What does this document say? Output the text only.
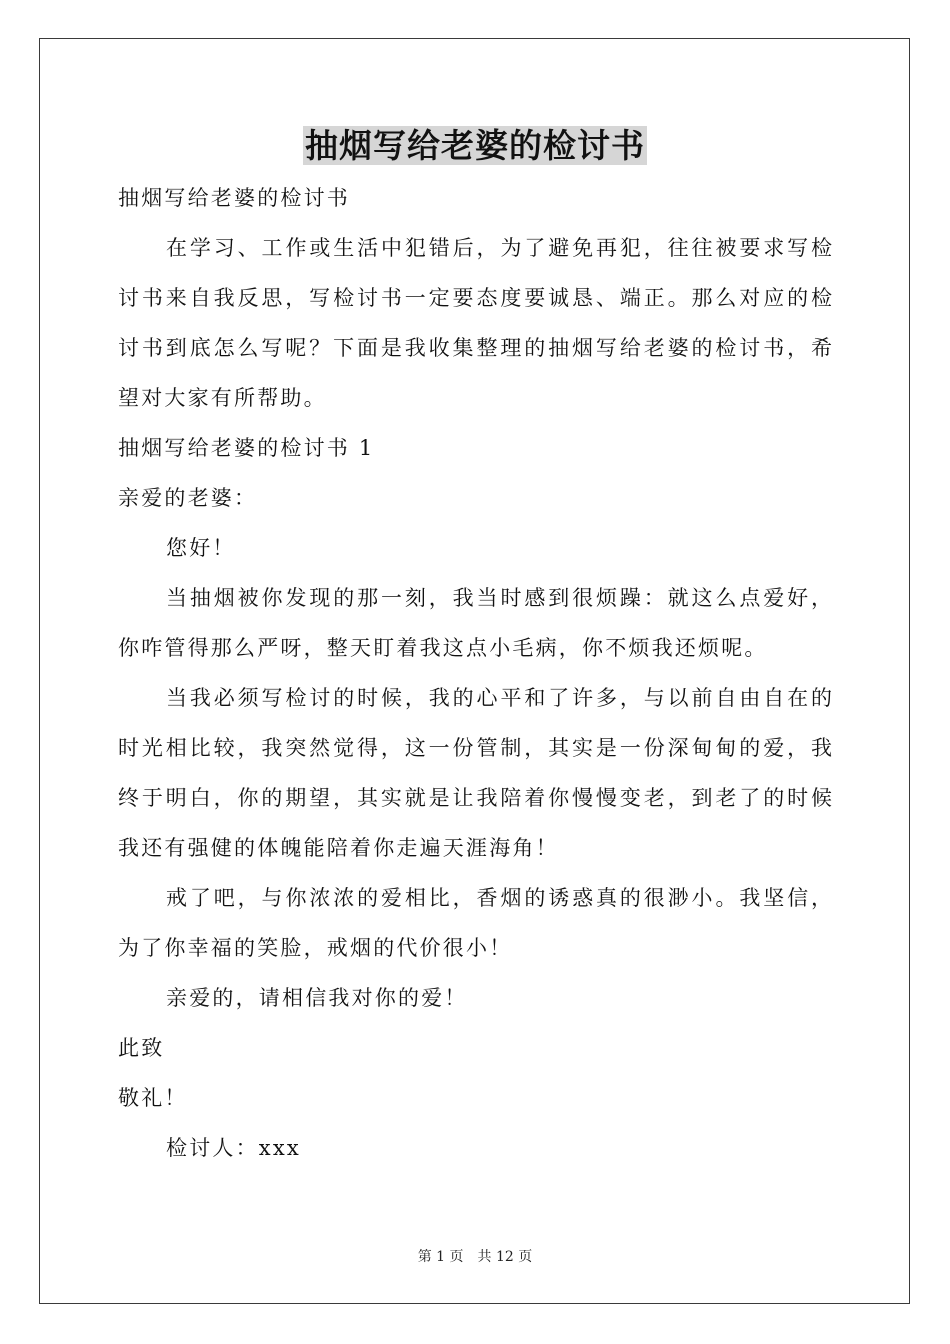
抽烟写给老婆的检讨书
抽烟写给老婆的检讨书
在学习、工作或生活中犯错后，为了避免再犯，往往被要求写检
讨书来自我反思，写检讨书一定要态度要诚恳、端正。那么对应的检
讨书到底怎么写呢？下面是我收集整理的抽烟写给老婆的检讨书，希
望对大家有所帮助。
抽烟写给老婆的检讨书 1
亲爱的老婆：
您好！
当抽烟被你发现的那一刻，我当时感到很烦躁：就这么点爱好，
你咋管得那么严呀，整天盯着我这点小毛病，你不烦我还烦呢。
当我必须写检讨的时候，我的心平和了许多，与以前自由自在的
时光相比较，我突然觉得，这一份管制，其实是一份深甸甸的爱，我
终于明白，你的期望，其实就是让我陪着你慢慢变老，到老了的时候
我还有强健的体魄能陪着你走遍天涯海角！
戒了吧，与你浓浓的爱相比，香烟的诱惑真的很渺小。我坚信，
为了你幸福的笑脸，戒烟的代价很小！
亲爱的，请相信我对你的爱！
此致
敬礼！
检讨人：xxx
第 1 页 共 12 页
